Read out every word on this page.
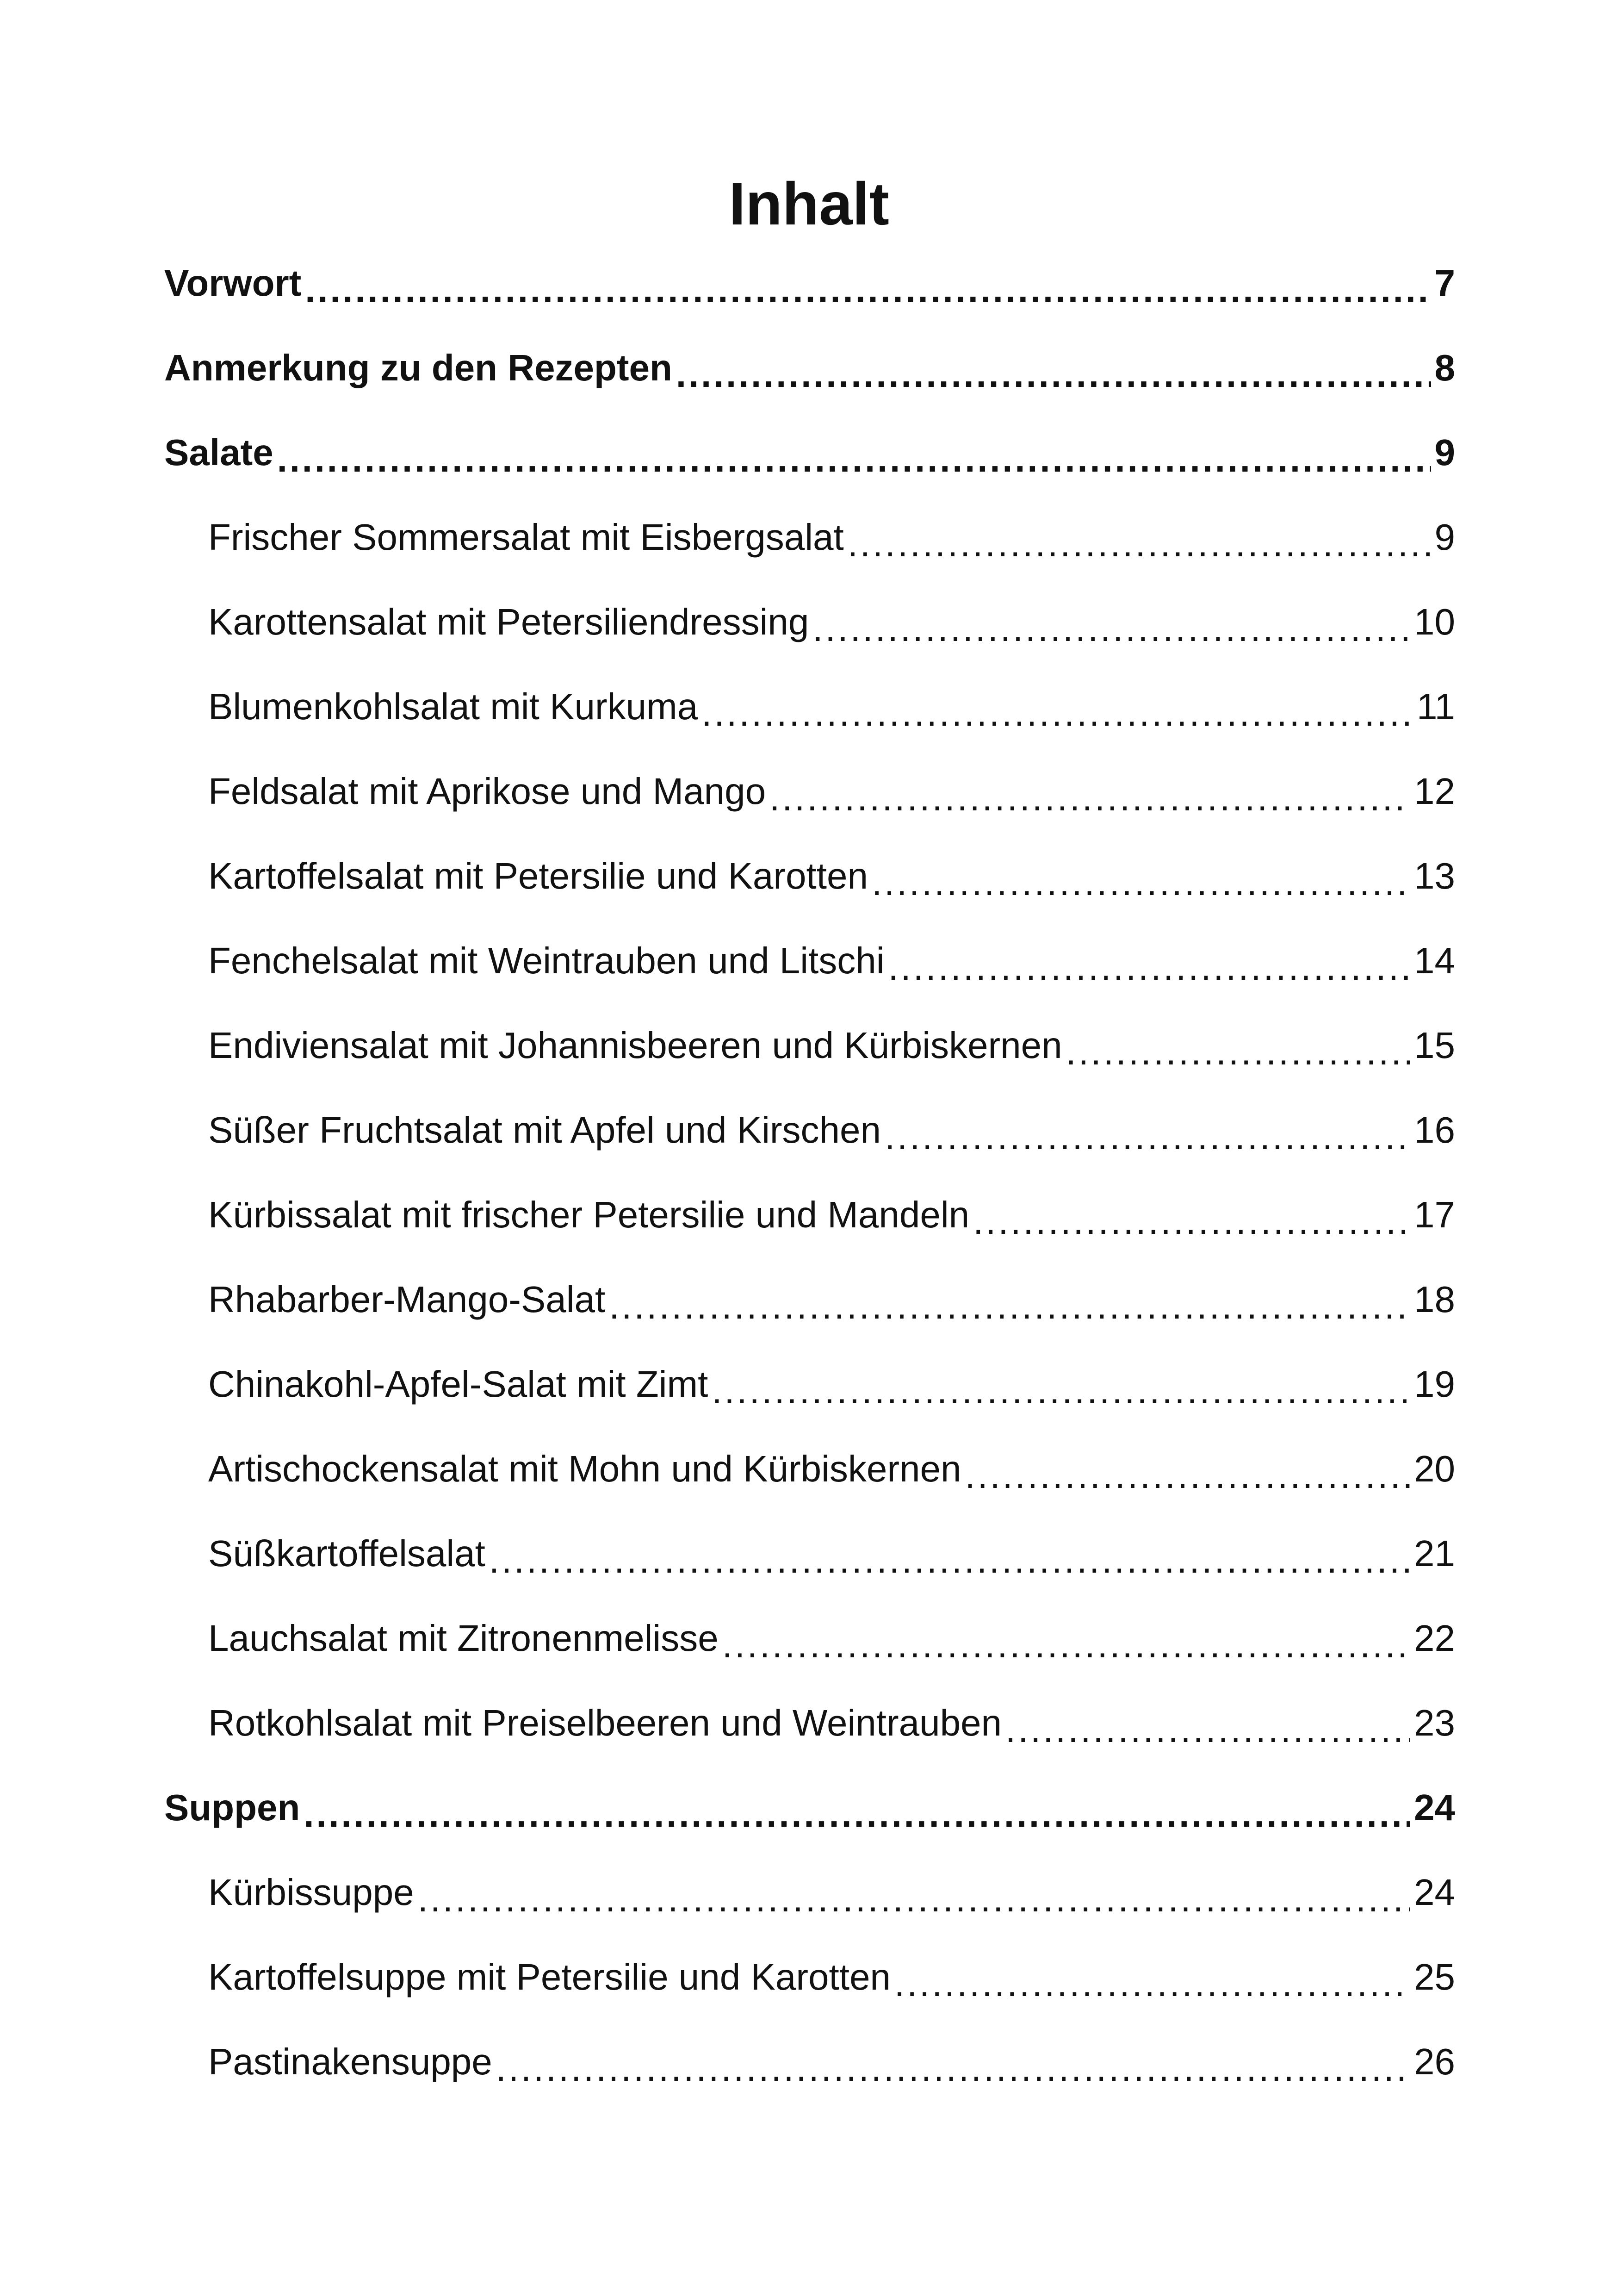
Inhalt
Vorwort .....	7
Anmerkung zu den Rezepten .....	8
Salate .....	9
Frischer Sommersalat mit Eisbergsalat .....	9
Karottensalat mit Petersiliendressing .....	10
Blumenkohlsalat mit Kurkuma .....	11
Feldsalat mit Aprikose und Mango .....	12
Kartoffelsalat mit Petersilie und Karotten .....	13
Fenchelsalat mit Weintrauben und Litschi .....	14
Endiviensalat mit Johannisbeeren und Kürbiskernen .....	15
Süßer Fruchtsalat mit Apfel und Kirschen .....	16
Kürbissalat mit frischer Petersilie und Mandeln .....	17
Rhabarber-Mango-Salat .....	18
Chinakohl-Apfel-Salat mit Zimt .....	19
Artischockensalat mit Mohn und Kürbiskernen .....	20
Süßkartoffelsalat .....	21
Lauchsalat mit Zitronenmelisse .....	22
Rotkohlsalat mit Preiselbeeren und Weintrauben .....	23
Suppen .....	24
Kürbissuppe .....	24
Kartoffelsuppe mit Petersilie und Karotten .....	25
Pastinakensuppe .....	26
